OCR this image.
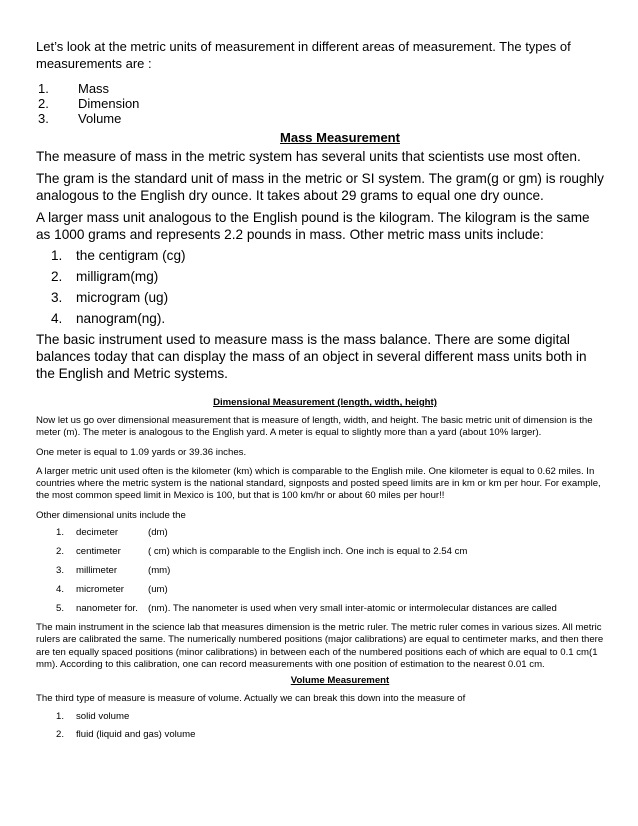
Let’s look at the metric units of measurement in different areas of measurement. The types of measurements are :

1.	Mass
2.	Dimension
3.	Volume

Mass Measurement

The measure of mass in the metric system has several units that scientists use most often.

The gram is the standard unit of mass in the metric or SI system. The gram(g or gm) is roughly analogous to the English dry ounce. It takes about 29 grams to equal one dry ounce.

A larger mass unit analogous to the English pound is the kilogram. The kilogram is the same as 1000 grams and represents 2.2 pounds in mass. Other metric mass units include:

1.	the centigram (cg)
2.	milligram(mg)
3.	microgram (ug)
4.	nanogram(ng).

The basic instrument used to measure mass is the mass balance. There are some digital balances today that can display the mass of an object in several different mass units both in the English and Metric systems.

Dimensional Measurement (length, width, height)

Now let us go over dimensional measurement that is measure of length, width, and height. The basic metric unit of dimension is the meter (m). The meter is analogous to the English yard. A meter is equal to slightly more than a yard (about 10% larger).

One meter is equal to 1.09 yards or 39.36 inches.

A larger metric unit used often is the kilometer (km) which is comparable to the English mile. One kilometer is equal to 0.62 miles. In countries where the metric system is the national standard, signposts and posted speed limits are in km or km per hour. For example, the most common speed limit in Mexico is 100, but that is 100 km/hr or about 60 miles per hour!!

Other dimensional units include the

1.	decimeter	(dm)
2.	centimeter	( cm) which is comparable to the English inch. One inch is equal to 2.54 cm
3.	millimeter	(mm)
4.	micrometer	(um)
5.	nanometer for.	(nm). The nanometer is used when very small inter-atomic or intermolecular distances are called

The main instrument in the science lab that measures dimension is the metric ruler. The metric ruler comes in various sizes. All metric rulers are calibrated the same. The numerically numbered positions (major calibrations) are equal to centimeter marks, and then there are ten equally spaced positions (minor calibrations) in between each of the numbered positions each of which are equal to 0.1 cm(1 mm). According to this calibration, one can record measurements with one position of estimation to the nearest 0.01 cm.

Volume Measurement

The third type of measure is measure of volume. Actually we can break this down into the measure of

1.	solid volume
2.	fluid (liquid and gas) volume
